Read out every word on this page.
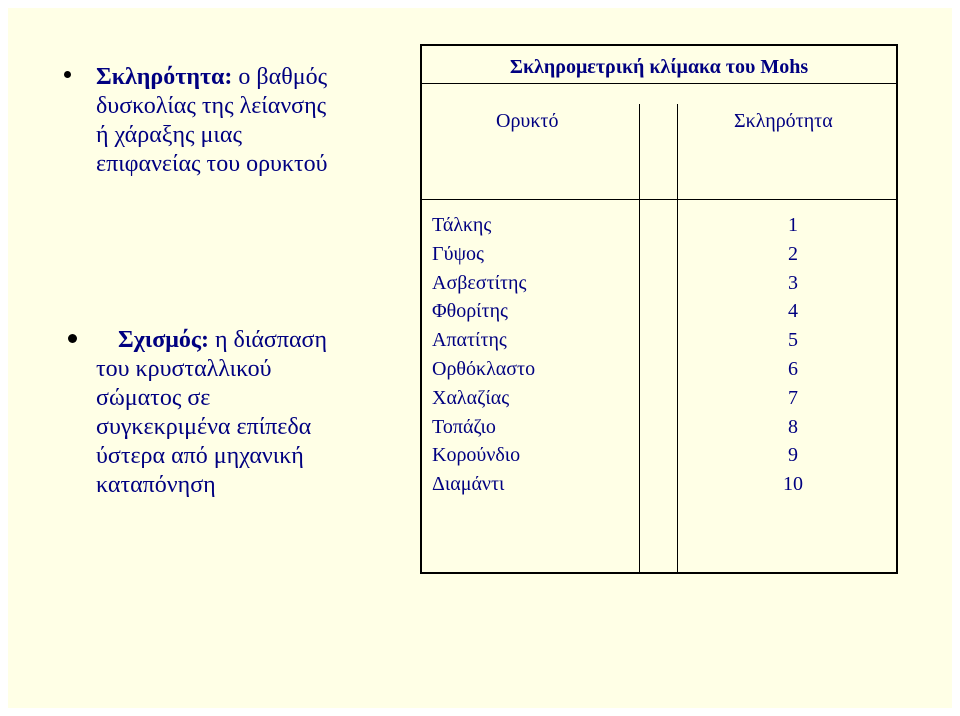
Σκληρότητα: ο βαθμός
δυσκολίας της λείανσης
ή χάραξης μιας
επιφανείας του ορυκτού
Σχισμός: η διάσπαση
του κρυσταλλικού
σώματος σε
συγκεκριμένα επίπεδα
ύστερα από μηχανική
καταπόνηση
Σκληρομετρική κλίμακα του Mohs
Ορυκτό	Σκληρότητα
Τάλκης
Γύψος
Ασβεστίτης
Φθορίτης
Απατίτης
Ορθόκλαστο
Χαλαζίας
Τοπάζιο
Κορούνδιο
Διαμάντι
1
2
3
4
5
6
7
8
9
10
